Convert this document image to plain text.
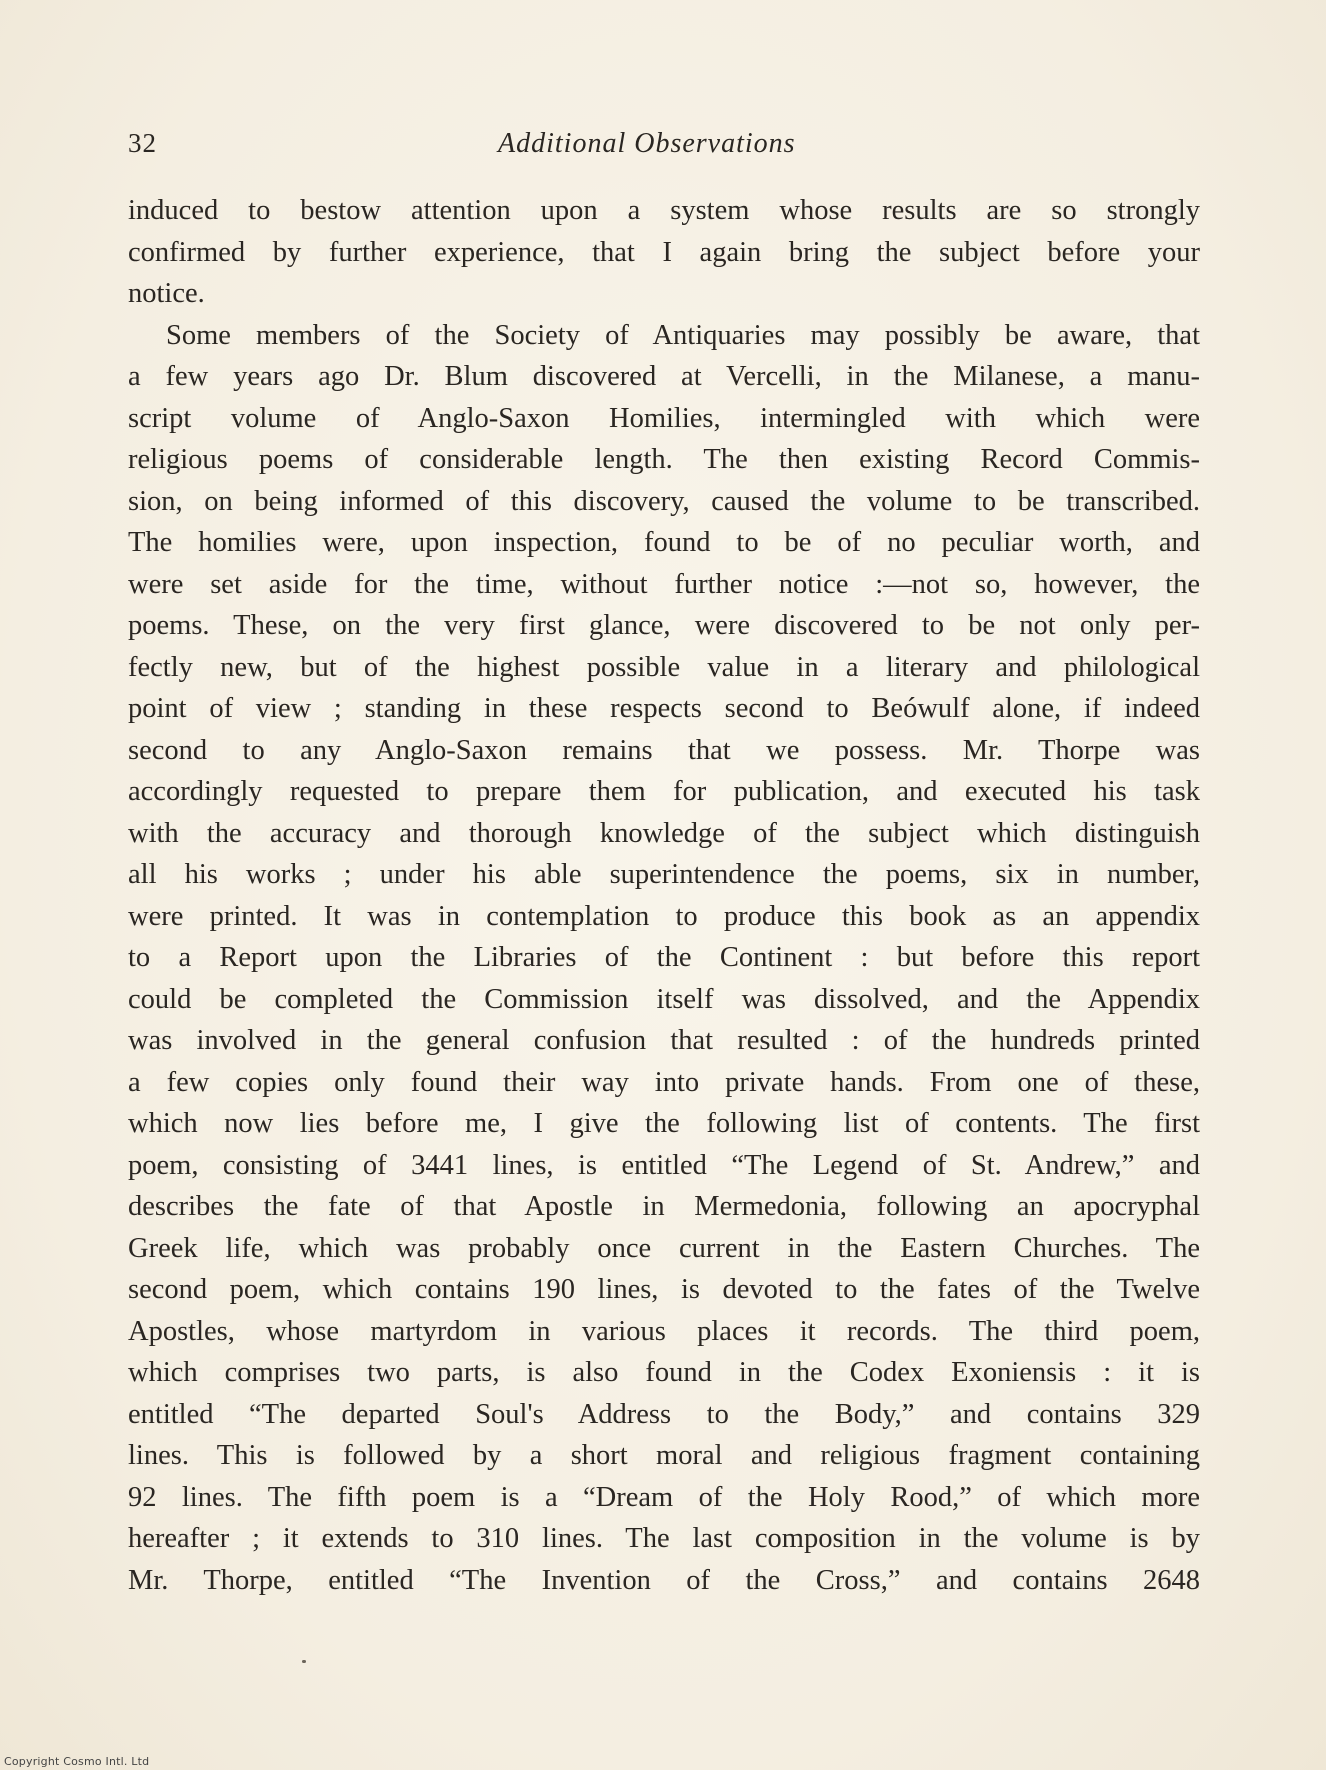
32	Additional Observations
induced to bestow attention upon a system whose results are so strongly
confirmed by further experience, that I again bring the subject before your
notice.
Some members of the Society of Antiquaries may possibly be aware, that
a few years ago Dr. Blum discovered at Vercelli, in the Milanese, a manu-
script volume of Anglo-Saxon Homilies, intermingled with which were
religious poems of considerable length. The then existing Record Commis-
sion, on being informed of this discovery, caused the volume to be transcribed.
The homilies were, upon inspection, found to be of no peculiar worth, and
were set aside for the time, without further notice :—not so, however, the
poems. These, on the very first glance, were discovered to be not only per-
fectly new, but of the highest possible value in a literary and philological
point of view ; standing in these respects second to Beówulf alone, if indeed
second to any Anglo-Saxon remains that we possess. Mr. Thorpe was
accordingly requested to prepare them for publication, and executed his task
with the accuracy and thorough knowledge of the subject which distinguish
all his works ; under his able superintendence the poems, six in number,
were printed. It was in contemplation to produce this book as an appendix
to a Report upon the Libraries of the Continent : but before this report
could be completed the Commission itself was dissolved, and the Appendix
was involved in the general confusion that resulted : of the hundreds printed
a few copies only found their way into private hands. From one of these,
which now lies before me, I give the following list of contents. The first
poem, consisting of 3441 lines, is entitled “The Legend of St. Andrew,” and
describes the fate of that Apostle in Mermedonia, following an apocryphal
Greek life, which was probably once current in the Eastern Churches. The
second poem, which contains 190 lines, is devoted to the fates of the Twelve
Apostles, whose martyrdom in various places it records. The third poem,
which comprises two parts, is also found in the Codex Exoniensis : it is
entitled “The departed Soul's Address to the Body,” and contains 329
lines. This is followed by a short moral and religious fragment containing
92 lines. The fifth poem is a “Dream of the Holy Rood,” of which more
hereafter ; it extends to 310 lines. The last composition in the volume is by
Mr. Thorpe, entitled “The Invention of the Cross,” and contains 2648
Copyright Cosmo Intl. Ltd
